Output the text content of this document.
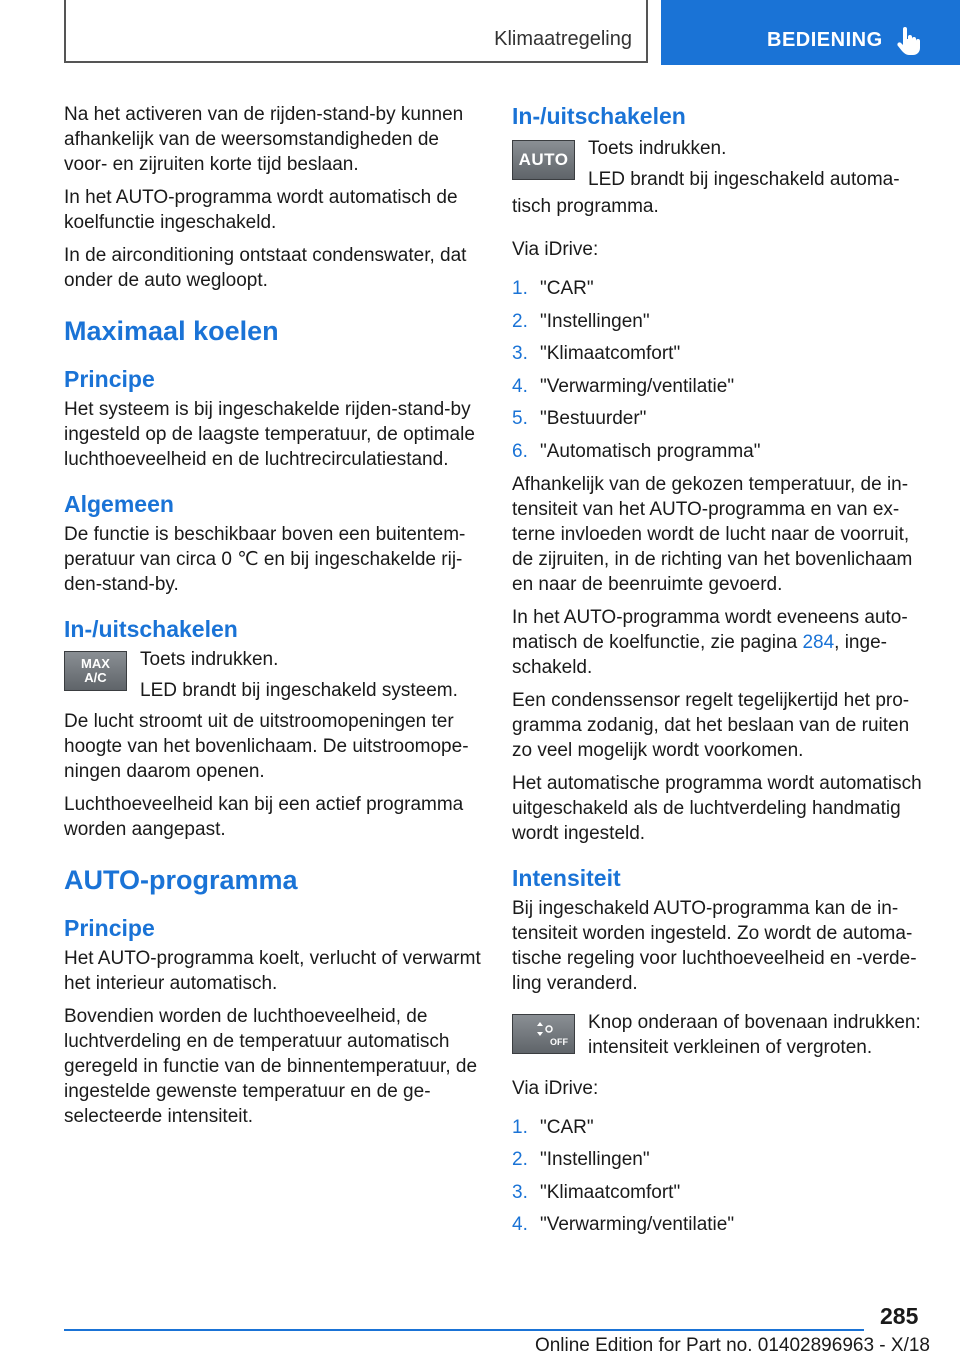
Klimaatregeling	BEDIENING

Na het activeren van de rijden-stand-by kunnen afhankelijk van de weersomstandigheden de voor- en zijruiten korte tijd beslaan.

In het AUTO-programma wordt automatisch de koelfunctie ingeschakeld.

In de airconditioning ontstaat condenswater, dat onder de auto wegloopt.

Maximaal koelen
Principe

Het systeem is bij ingeschakelde rijden-stand-by ingesteld op de laagste temperatuur, de optimale luchthoeveelheid en de luchtrecirculatiestand.

Algemeen

De functie is beschikbaar boven een buitentemperatuur van circa 0 ℃ en bij ingeschakelde rijden-stand-by.

In-/uitschakelen
MAX
A/C

Toets indrukken.

LED brandt bij ingeschakeld systeem.

De lucht stroomt uit de uitstroomopeningen ter hoogte van het bovenlichaam. De uitstroomopeningen daarom openen.

Luchthoeveelheid kan bij een actief programma worden aangepast.

AUTO-programma
Principe

Het AUTO-programma koelt, verlucht of verwarmt het interieur automatisch.

Bovendien worden de luchthoeveelheid, de luchtverdeling en de temperatuur automatisch geregeld in functie van de binnentemperatuur, de ingestelde gewenste temperatuur en de geselecteerde intensiteit.

In-/uitschakelen
AUTO

Toets indrukken.

LED brandt bij ingeschakeld automa-

tisch programma.

Via iDrive:

1. "CAR"
2. "Instellingen"
3. "Klimaatcomfort"
4. "Verwarming/ventilatie"
5. "Bestuurder"
6. "Automatisch programma"

Afhankelijk van de gekozen temperatuur, de intensiteit van het AUTO-programma en van externe invloeden wordt de lucht naar de voorruit, de zijruiten, in de richting van het bovenlichaam en naar de beenruimte gevoerd.

In het AUTO-programma wordt eveneens automatisch de koelfunctie, zie pagina 284, ingeschakeld.

Een condenssensor regelt tegelijkertijd het programma zodanig, dat het beslaan van de ruiten zo veel mogelijk wordt voorkomen.

Het automatische programma wordt automatisch uitgeschakeld als de luchtverdeling handmatig wordt ingesteld.

Intensiteit

Bij ingeschakeld AUTO-programma kan de intensiteit worden ingesteld. Zo wordt de automatische regeling voor luchthoeveelheid en -verdeling veranderd.

OFF

Knop onderaan of bovenaan indrukken: intensiteit verkleinen of vergroten.

Via iDrive:

1. "CAR"
2. "Instellingen"
3. "Klimaatcomfort"
4. "Verwarming/ventilatie"
285
Online Edition for Part no. 01402896963 - X/18
